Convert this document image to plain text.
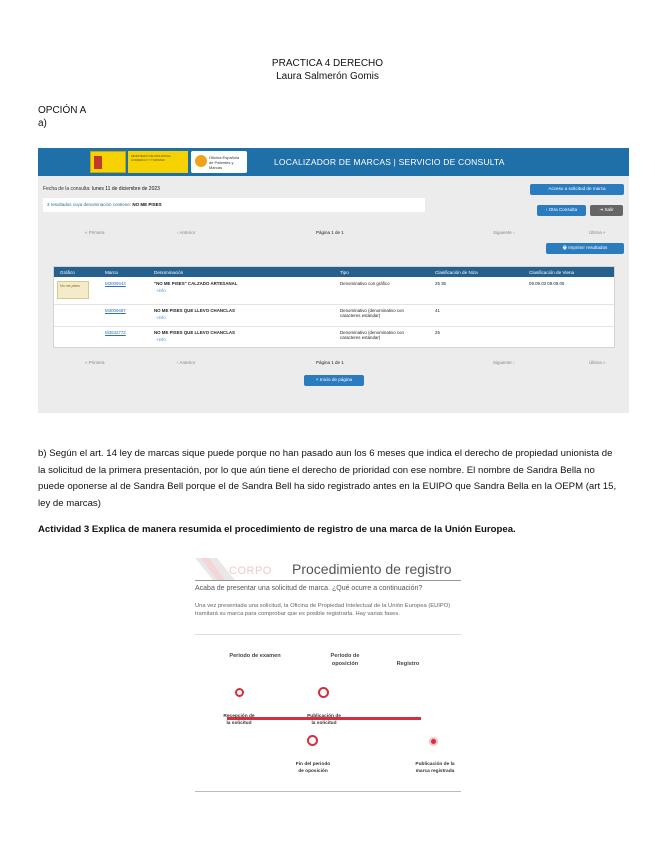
PRACTICA 4 DERECHO
Laura Salmerón Gomis
OPCIÓN A
a)
MINISTERIO DE INDUSTRIA, COMERCIO Y TURISMO	Oficina Española de Patentes y Marcas
LOCALIZADOR DE MARCAS | SERVICIO DE CONSULTA
Fecha de la consulta: lunes 11 de diciembre de 2023
3 resultados cuya denominación contiene: NO ME PISES
Acceso a solicitud de marca
‹ Otra Consulta	⇥ Salir
« Primera	‹ Anterior	Página 1 de 1	Siguiente ›	Última »
🖶 Imprimir resultados
Gráfico	Marca	Denominación	Tipo	Clasificación de Niza	Clasificación de Viena
No me pises	M3009443	"NO ME PISES" CALZADO ARTESANAL
+info
Denominativo con gráfico	25 35	09.09.03 09.09.05
M3009487	NO ME PISES QUE LLEVO CHANCLAS
+info
Denominativo (denominativo con caracteres estándar)
41
M3632772	NO ME PISES QUE LLEVO CHANCLAS
+info
Denominativo (denominativo con caracteres estándar)
25
« Primera	‹ Anterior	Página 1 de 1	Siguiente ›	Última »
˄ Inicio de página
b) Según el art. 14 ley de marcas sique puede porque no han pasado aun los 6 meses que indica el derecho de propiedad unionista de la solicitud de la primera presentación, por lo que aún tiene el derecho de prioridad con ese nombre. El nombre de Sandra Bella no puede oponerse al de Sandra Bell porque el de Sandra Bell ha sido registrado antes en la EUIPO que Sandra Bella en la OEPM (art 15, ley de marcas)
Actividad 3 Explica de manera resumida el procedimiento de registro de una marca de la Unión Europea.
CORPO Procedimiento de registro
Acaba de presentar una solicitud de marca. ¿Qué ocurre a continuación?
Una vez presentada una solicitud, la Oficina de Propiedad Intelectual de la Unión Europea (EUIPO) tramitará su marca para comprobar que es posible registrarla. Hay varias fases.
Periodo de examen	Periodo de oposición	Registro
Recepción de la solicitud
Publicación de la solicitud
Fin del periodo de oposición
Publicación de la marca registrada
